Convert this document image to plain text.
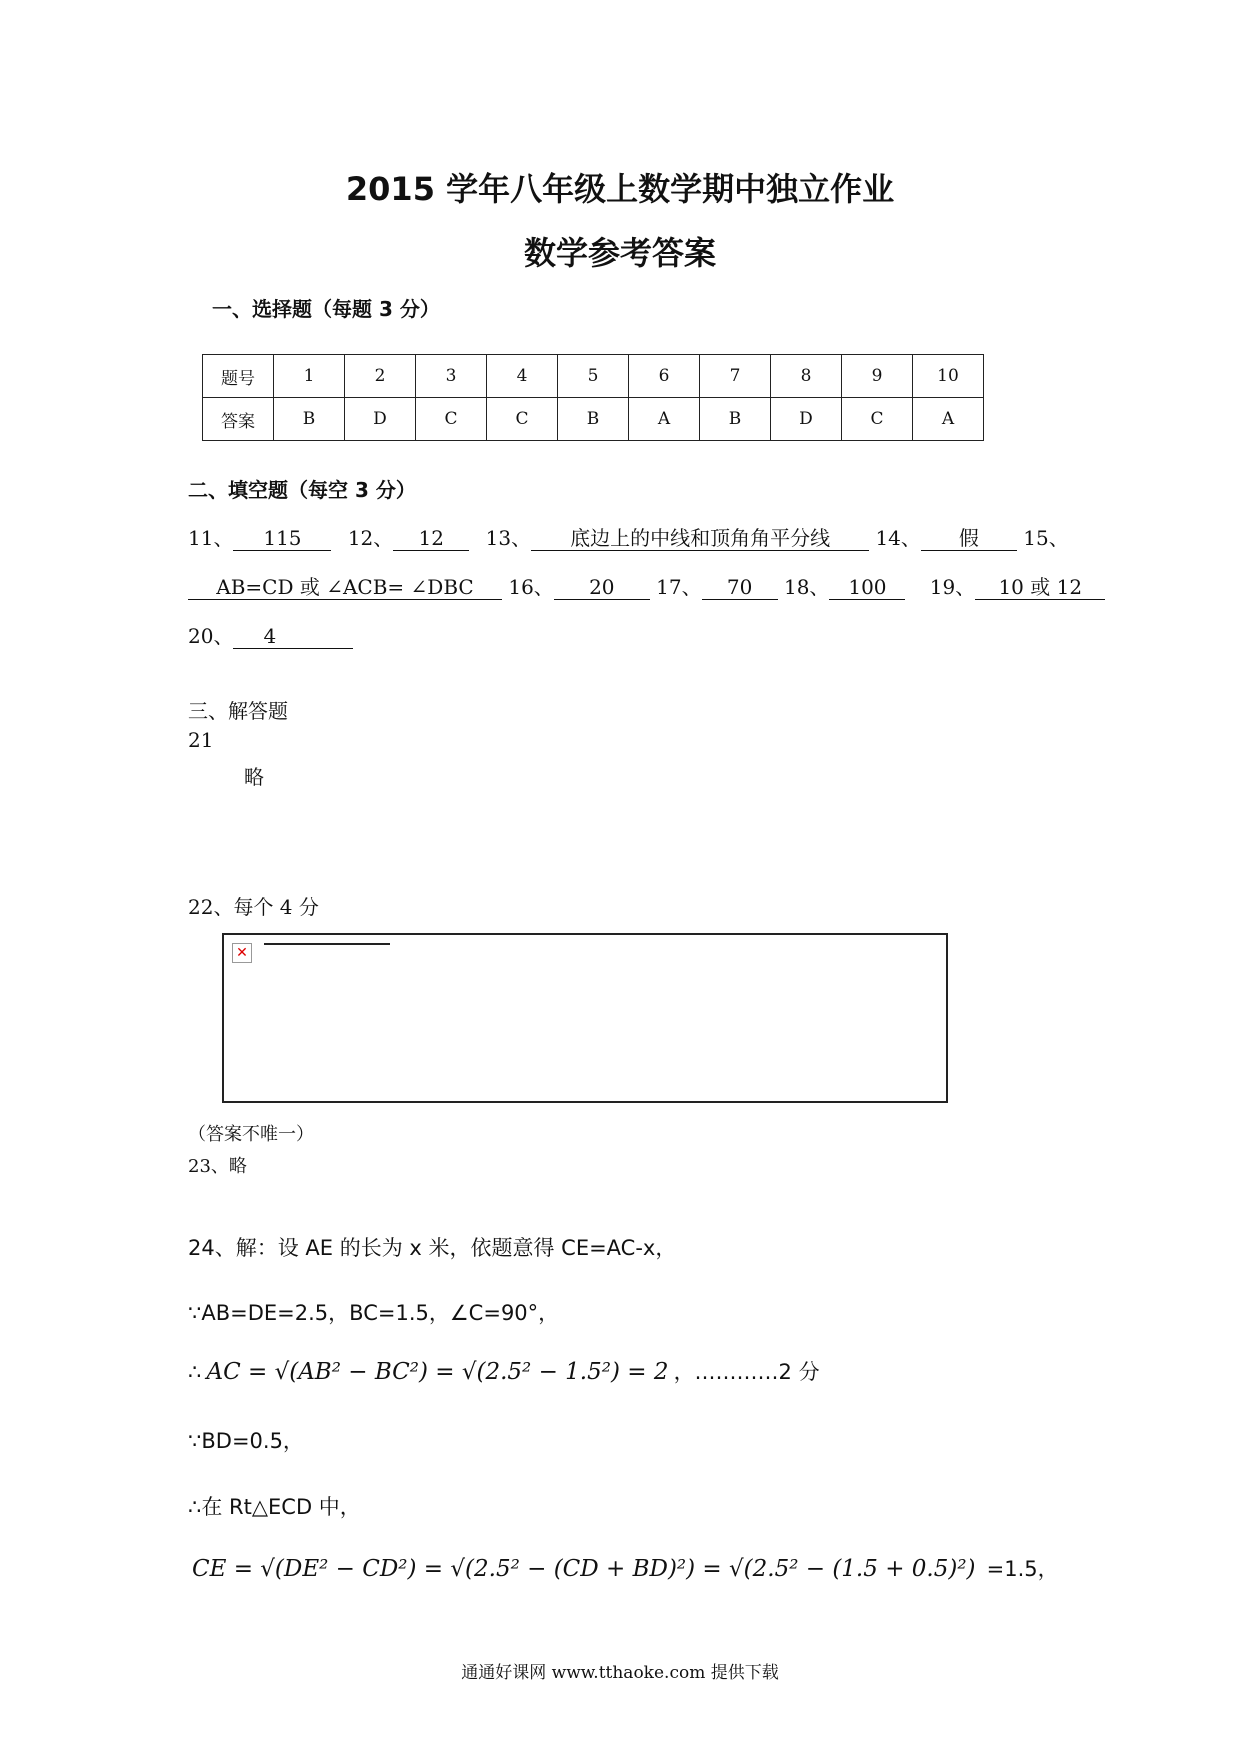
2015 学年八年级上数学期中独立作业
数学参考答案
一、选择题（每题 3 分）
题号	1	2	3	4	5	6	7	8	9	10
答案	B	D	C	C	B	A	B	D	C	A
二、填空题（每空 3 分）
11、 115 12、 12 13、 底边上的中线和顶角角平分线 14、 假 15、
AB=CD 或 ∠ACB= ∠DBC 16、 20 17、 70 18、 100 19、 10 或 12
20、 4
三、解答题
21
略
22、每个 4 分
✕
（答案不唯一）
23、略
24、解：设 AE 的长为 x 米，依题意得 CE=AC-x，
∵AB=DE=2.5，BC=1.5，∠C=90°，
∴ AC = √(AB² − BC²) = √(2.5² − 1.5²) = 2 ，…………2 分
∵BD=0.5，
∴在 Rt△ECD 中，
CE = √(DE² − CD²) = √(2.5² − (CD + BD)²) = √(2.5² − (1.5 + 0.5)²) =1.5，
通通好课网 www.tthaoke.com 提供下载
